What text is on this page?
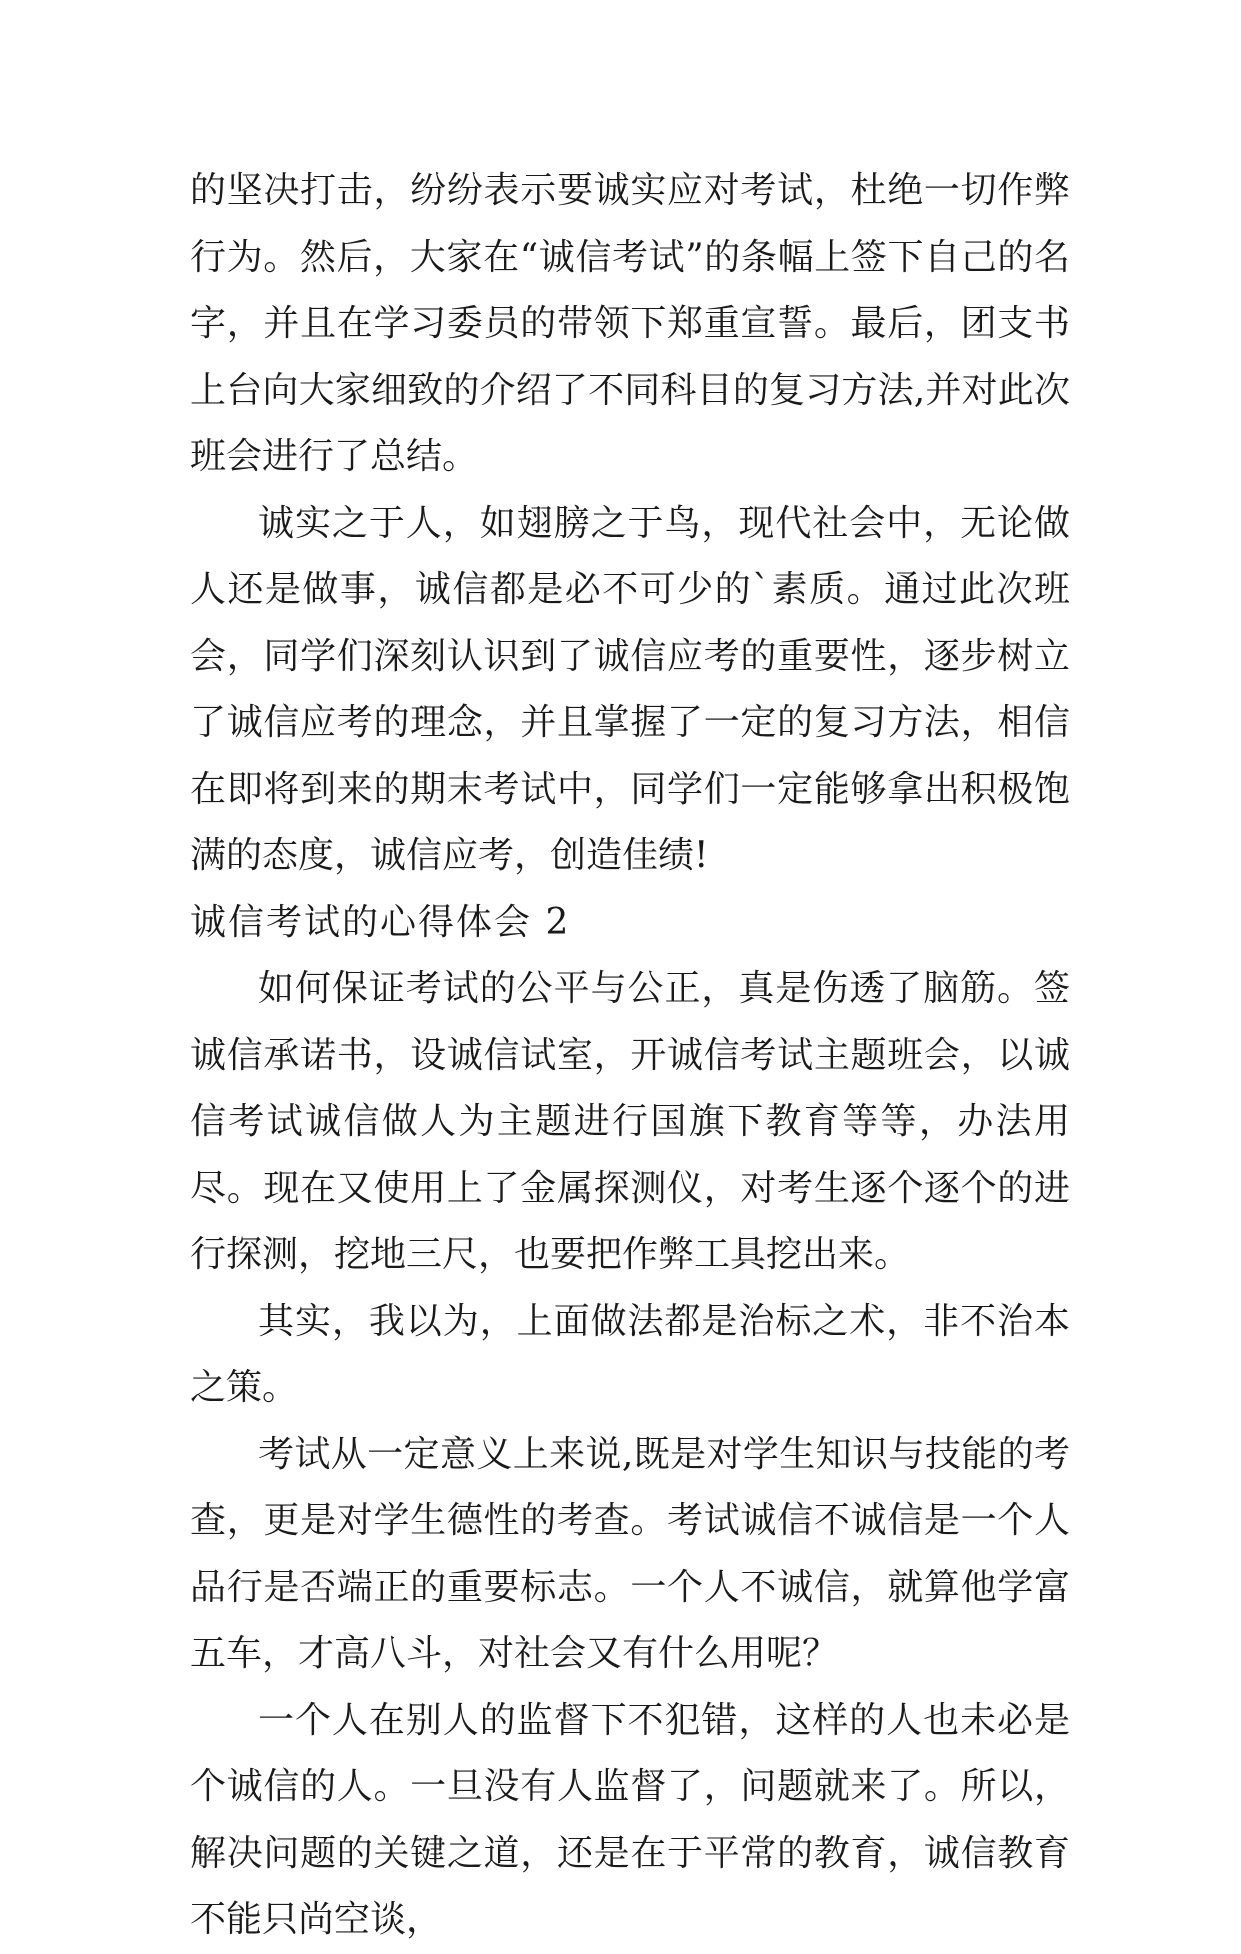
的坚决打击，纷纷表示要诚实应对考试，杜绝一切作弊行为。然后，大家在“诚信考试”的条幅上签下自己的名字，并且在学习委员的带领下郑重宣誓。最后，团支书上台向大家细致的介绍了不同科目的复习方法,并对此次班会进行了总结。

诚实之于人，如翅膀之于鸟，现代社会中，无论做人还是做事，诚信都是必不可少的`素质。通过此次班会，同学们深刻认识到了诚信应考的重要性，逐步树立了诚信应考的理念，并且掌握了一定的复习方法，相信在即将到来的期末考试中，同学们一定能够拿出积极饱满的态度，诚信应考，创造佳绩!

诚信考试的心得体会 2

如何保证考试的公平与公正，真是伤透了脑筋。签诚信承诺书，设诚信试室，开诚信考试主题班会，以诚信考试诚信做人为主题进行国旗下教育等等，办法用尽。现在又使用上了金属探测仪，对考生逐个逐个的进行探测，挖地三尺，也要把作弊工具挖出来。

其实，我以为，上面做法都是治标之术，非不治本之策。

考试从一定意义上来说,既是对学生知识与技能的考查，更是对学生德性的考查。考试诚信不诚信是一个人品行是否端正的重要标志。一个人不诚信，就算他学富五车，才高八斗，对社会又有什么用呢？

一个人在别人的监督下不犯错，这样的人也未必是个诚信的人。一旦没有人监督了，问题就来了。所以，解决问题的关键之道，还是在于平常的教育，诚信教育不能只尚空谈，
